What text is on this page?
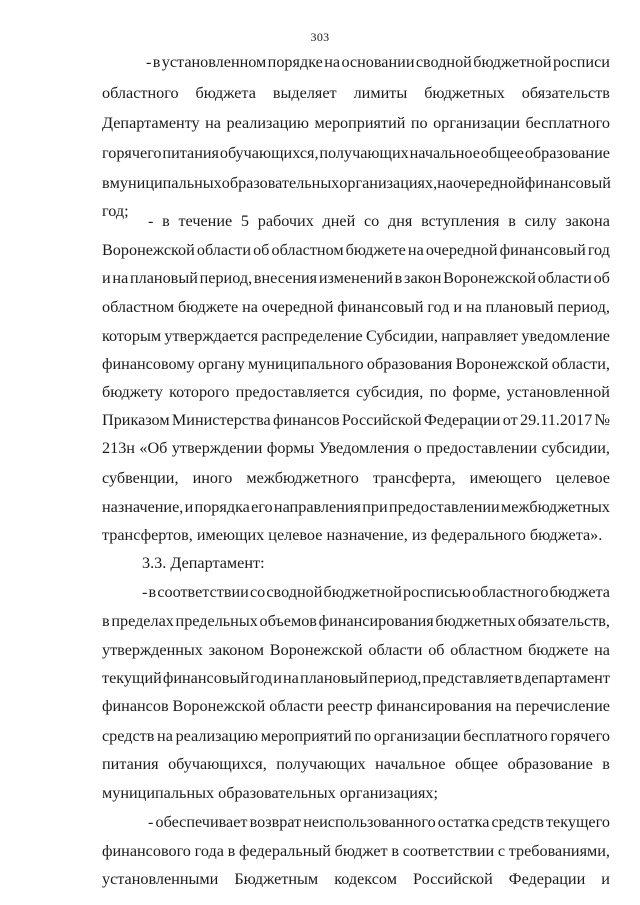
303
- в установленном порядке на основании сводной бюджетной росписи
областного бюджета выделяет лимиты бюджетных обязательств
Департаменту на реализацию мероприятий по организации бесплатного
горячего питания обучающихся, получающих начальное общее образование
в муниципальных образовательных организациях, на очередной финансовый
год;
- в течение 5 рабочих дней со дня вступления в силу закона
Воронежской области об областном бюджете на очередной финансовый год
и на плановый период, внесения изменений в закон Воронежской области об
областном бюджете на очередной финансовый год и на плановый период,
которым утверждается распределение Субсидии, направляет уведомление
финансовому органу муниципального образования Воронежской области,
бюджету которого предоставляется субсидия, по форме, установленной
Приказом Министерства финансов Российской Федерации от 29.11.2017 №
213н «Об утверждении формы Уведомления о предоставлении субсидии,
субвенции, иного межбюджетного трансферта, имеющего целевое
назначение, и порядка его направления при предоставлении межбюджетных
трансфертов, имеющих целевое назначение, из федерального бюджета».
3.3. Департамент:
- в соответствии со сводной бюджетной росписью областного бюджета
в пределах предельных объемов финансирования бюджетных обязательств,
утвержденных законом Воронежской области об областном бюджете на
текущий финансовый год и на плановый период, представляет в департамент
финансов Воронежской области реестр финансирования на перечисление
средств на реализацию мероприятий по организации бесплатного горячего
питания обучающихся, получающих начальное общее образование в
муниципальных образовательных организациях;
- обеспечивает возврат неиспользованного остатка средств текущего
финансового года в федеральный бюджет в соответствии с требованиями,
установленными Бюджетным кодексом Российской Федерации и
